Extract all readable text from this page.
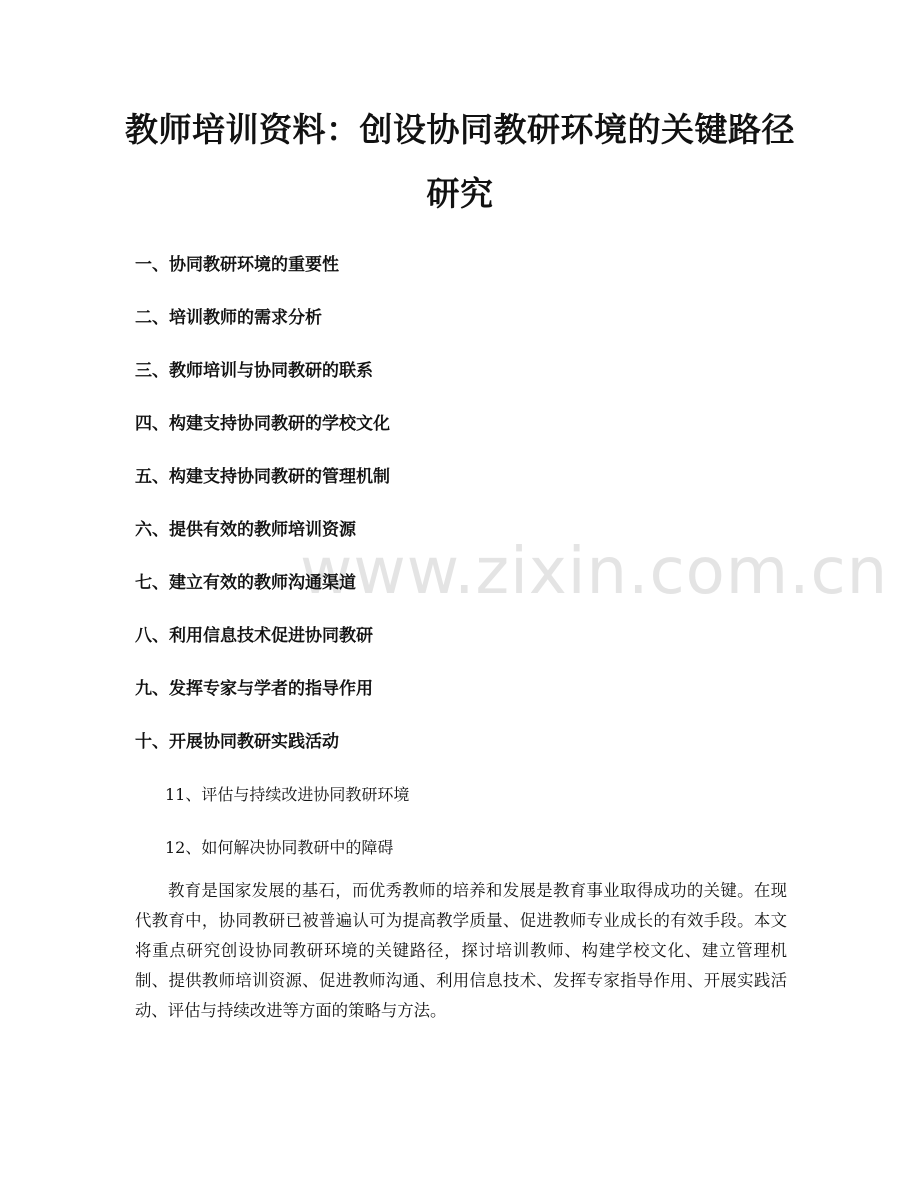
www.zixin.com.cn
教师培训资料：创设协同教研环境的关键路径研究
一、协同教研环境的重要性
二、培训教师的需求分析
三、教师培训与协同教研的联系
四、构建支持协同教研的学校文化
五、构建支持协同教研的管理机制
六、提供有效的教师培训资源
七、建立有效的教师沟通渠道
八、利用信息技术促进协同教研
九、发挥专家与学者的指导作用
十、开展协同教研实践活动
11、评估与持续改进协同教研环境
12、如何解决协同教研中的障碍

教育是国家发展的基石，而优秀教师的培养和发展是教育事业取得成功的关键。在现代教育中，协同教研已被普遍认可为提高教学质量、促进教师专业成长的有效手段。本文将重点研究创设协同教研环境的关键路径，探讨培训教师、构建学校文化、建立管理机制、提供教师培训资源、促进教师沟通、利用信息技术、发挥专家指导作用、开展实践活动、评估与持续改进等方面的策略与方法。
